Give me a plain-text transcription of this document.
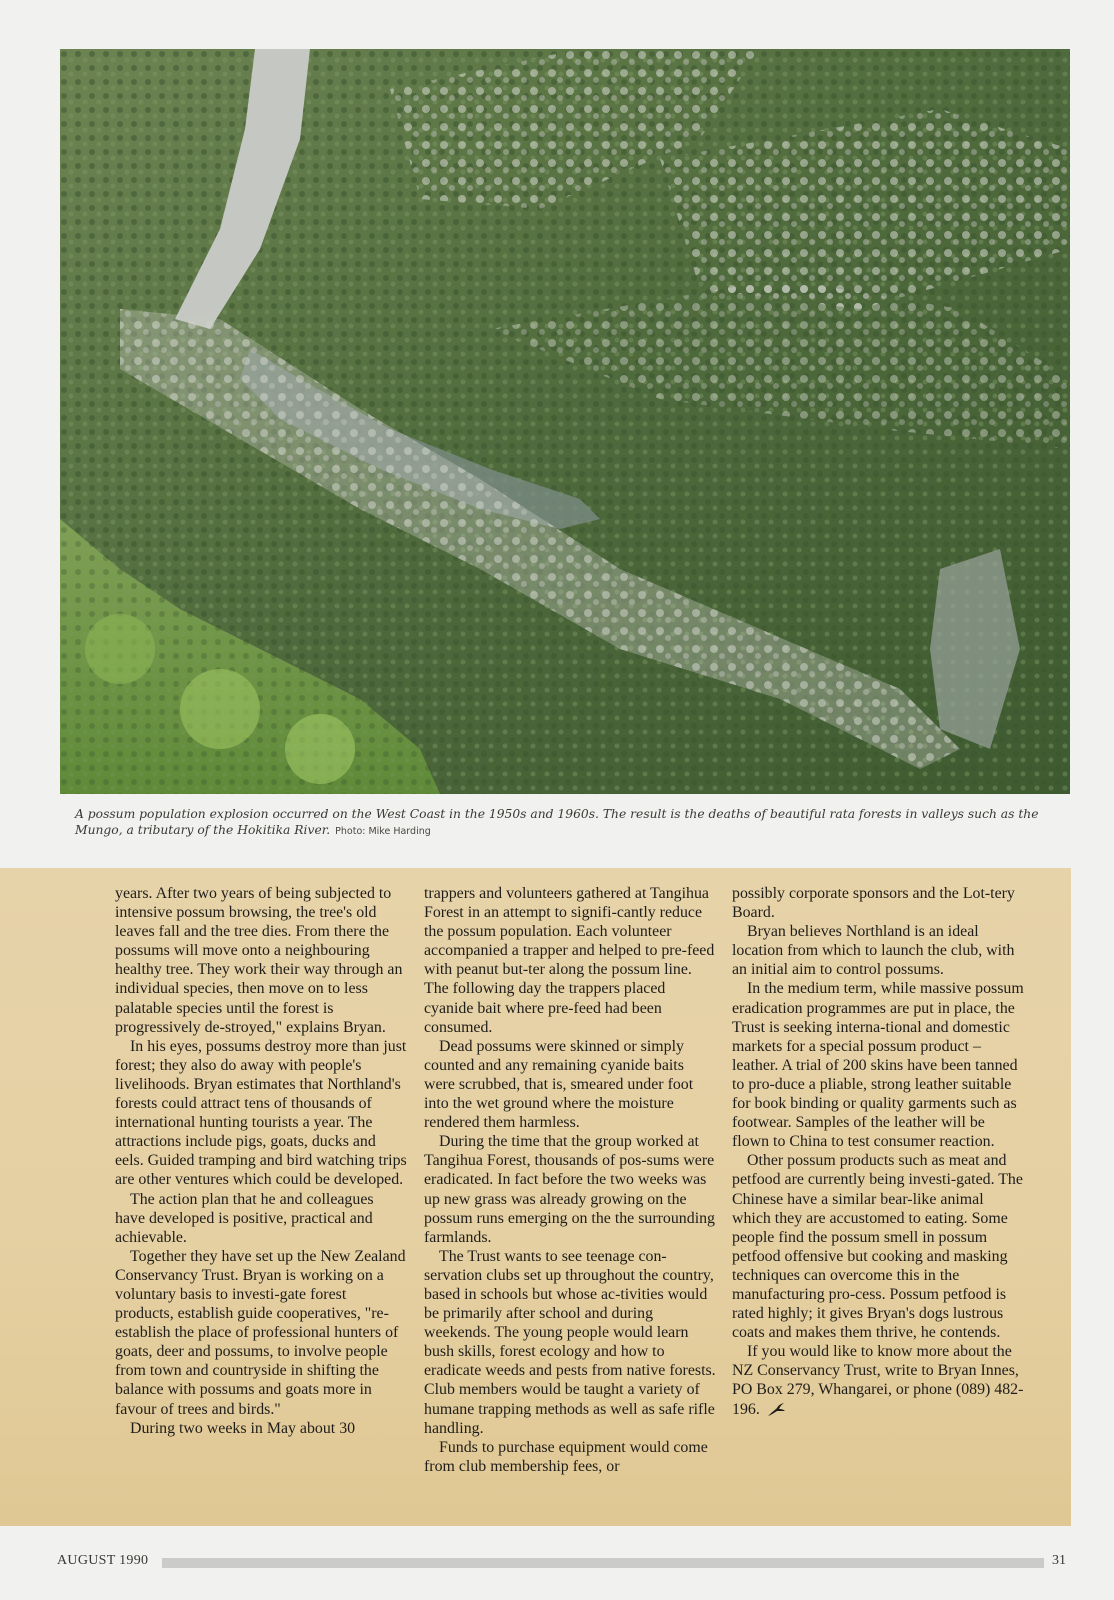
A possum population explosion occurred on the West Coast in the 1950s and 1960s. The result is the deaths of beautiful rata forests in valleys such as the Mungo, a tributary of the Hokitika River. Photo: Mike Harding

years. After two years of being subjected to intensive possum browsing, the tree's old leaves fall and the tree dies. From there the possums will move onto a neighbouring healthy tree. They work their way through an individual species, then move on to less palatable species until the forest is progressively de-stroyed," explains Bryan.

In his eyes, possums destroy more than just forest; they also do away with people's livelihoods. Bryan estimates that Northland's forests could attract tens of thousands of international hunting tourists a year. The attractions include pigs, goats, ducks and eels. Guided tramping and bird watching trips are other ventures which could be developed.

The action plan that he and colleagues have developed is positive, practical and achievable.

Together they have set up the New Zealand Conservancy Trust. Bryan is working on a voluntary basis to investi-gate forest products, establish guide cooperatives, "re-establish the place of professional hunters of goats, deer and possums, to involve people from town and countryside in shifting the balance with possums and goats more in favour of trees and birds."

During two weeks in May about 30

trappers and volunteers gathered at Tangihua Forest in an attempt to signifi-cantly reduce the possum population. Each volunteer accompanied a trapper and helped to pre-feed with peanut but-ter along the possum line. The following day the trappers placed cyanide bait where pre-feed had been consumed.

Dead possums were skinned or simply counted and any remaining cyanide baits were scrubbed, that is, smeared under foot into the wet ground where the moisture rendered them harmless.

During the time that the group worked at Tangihua Forest, thousands of pos-sums were eradicated. In fact before the two weeks was up new grass was already growing on the possum runs emerging on the the surrounding farmlands.

The Trust wants to see teenage con-servation clubs set up throughout the country, based in schools but whose ac-tivities would be primarily after school and during weekends. The young people would learn bush skills, forest ecology and how to eradicate weeds and pests from native forests. Club members would be taught a variety of humane trapping methods as well as safe rifle handling.

Funds to purchase equipment would come from club membership fees, or

possibly corporate sponsors and the Lot-tery Board.

Bryan believes Northland is an ideal location from which to launch the club, with an initial aim to control possums.

In the medium term, while massive possum eradication programmes are put in place, the Trust is seeking interna-tional and domestic markets for a special possum product – leather. A trial of 200 skins have been tanned to pro-duce a pliable, strong leather suitable for book binding or quality garments such as footwear. Samples of the leather will be flown to China to test consumer reaction.

Other possum products such as meat and petfood are currently being investi-gated. The Chinese have a similar bear-like animal which they are accustomed to eating. Some people find the possum smell in possum petfood offensive but cooking and masking techniques can overcome this in the manufacturing pro-cess. Possum petfood is rated highly; it gives Bryan's dogs lustrous coats and makes them thrive, he contends.

If you would like to know more about the NZ Conservancy Trust, write to Bryan Innes, PO Box 279, Whangarei, or phone (089) 482-196.

AUGUST 1990	31
